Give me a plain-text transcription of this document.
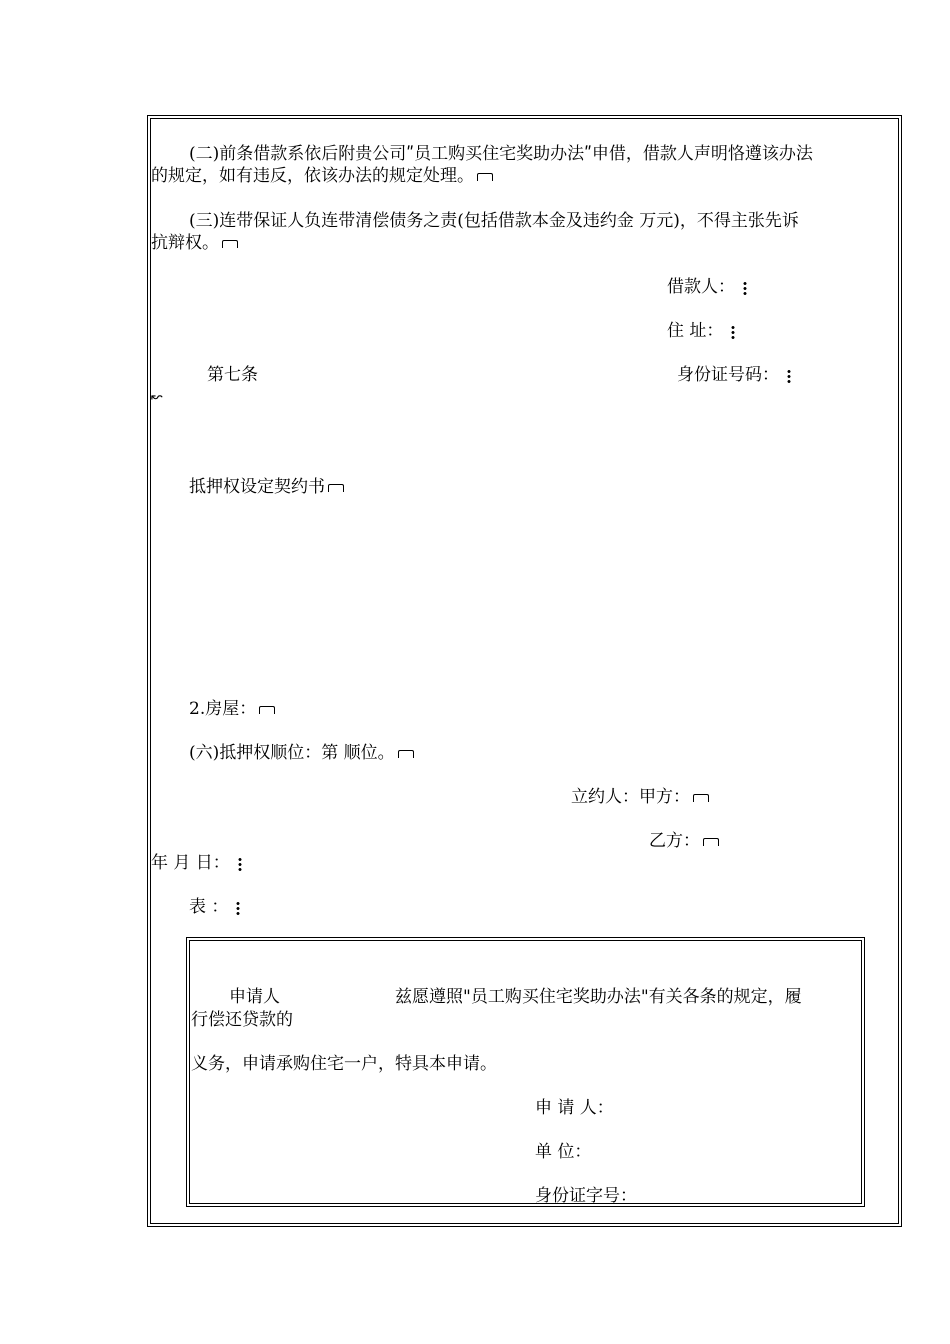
(二)前条借款系依后附贵公司ʺ员工购买住宅奖助办法ʺ申借，借款人声明恪遵该办法
的规定，如有违反，依该办法的规定处理。
(三)连带保证人负连带清偿债务之责(包括借款本金及违约金 万元)，不得主张先诉
抗辩权。
借款人：
住 址：
第七条	身份证号码：
↜
抵押权设定契约书
2.房屋：
(六)抵押权顺位：第 顺位。
立约人：甲方：
乙方：
年 月 日：
表 ：
申请人	兹愿遵照"员工购买住宅奖助办法"有关各条的规定，履
行偿还贷款的
义务，申请承购住宅一户，特具本申请。
申 请 人：
单 位：
身份证字号：
